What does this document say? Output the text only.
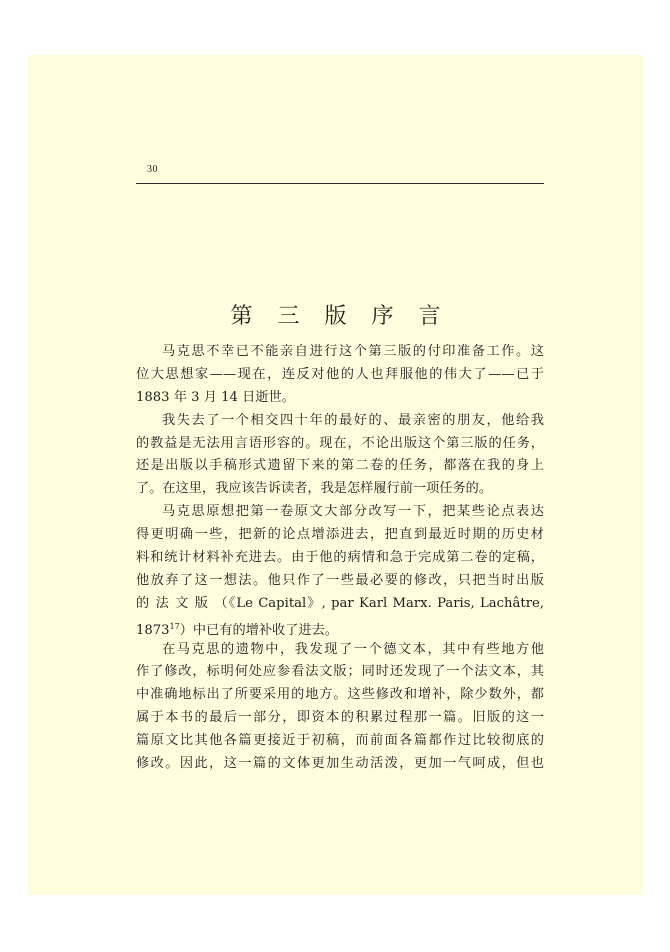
30
第 三 版 序 言
马克思不幸已不能亲自进行这个第三版的付印准备工作。这
位大思想家——现在，连反对他的人也拜服他的伟大了——已于
1883 年 3 月 14 日逝世。
我失去了一个相交四十年的最好的、最亲密的朋友，他给我
的教益是无法用言语形容的。现在，不论出版这个第三版的任务，
还是出版以手稿形式遗留下来的第二卷的任务，都落在我的身上
了。在这里，我应该告诉读者，我是怎样履行前一项任务的。
马克思原想把第一卷原文大部分改写一下，把某些论点表达
得更明确一些，把新的论点增添进去，把直到最近时期的历史材
料和统计材料补充进去。由于他的病情和急于完成第二卷的定稿，
他放弃了这一想法。他只作了一些最必要的修改，只把当时出版
的 法 文 版 （《Le Capital》, par Karl Marx. Paris, Lachâtre,
1873$^{17}$）中已有的增补收了进去。
在马克思的遗物中，我发现了一个德文本，其中有些地方他
作了修改，标明何处应参看法文版；同时还发现了一个法文本，其
中准确地标出了所要采用的地方。这些修改和增补，除少数外，都
属于本书的最后一部分，即资本的积累过程那一篇。旧版的这一
篇原文比其他各篇更接近于初稿，而前面各篇都作过比较彻底的
修改。因此，这一篇的文体更加生动活泼，更加一气呵成，但也
